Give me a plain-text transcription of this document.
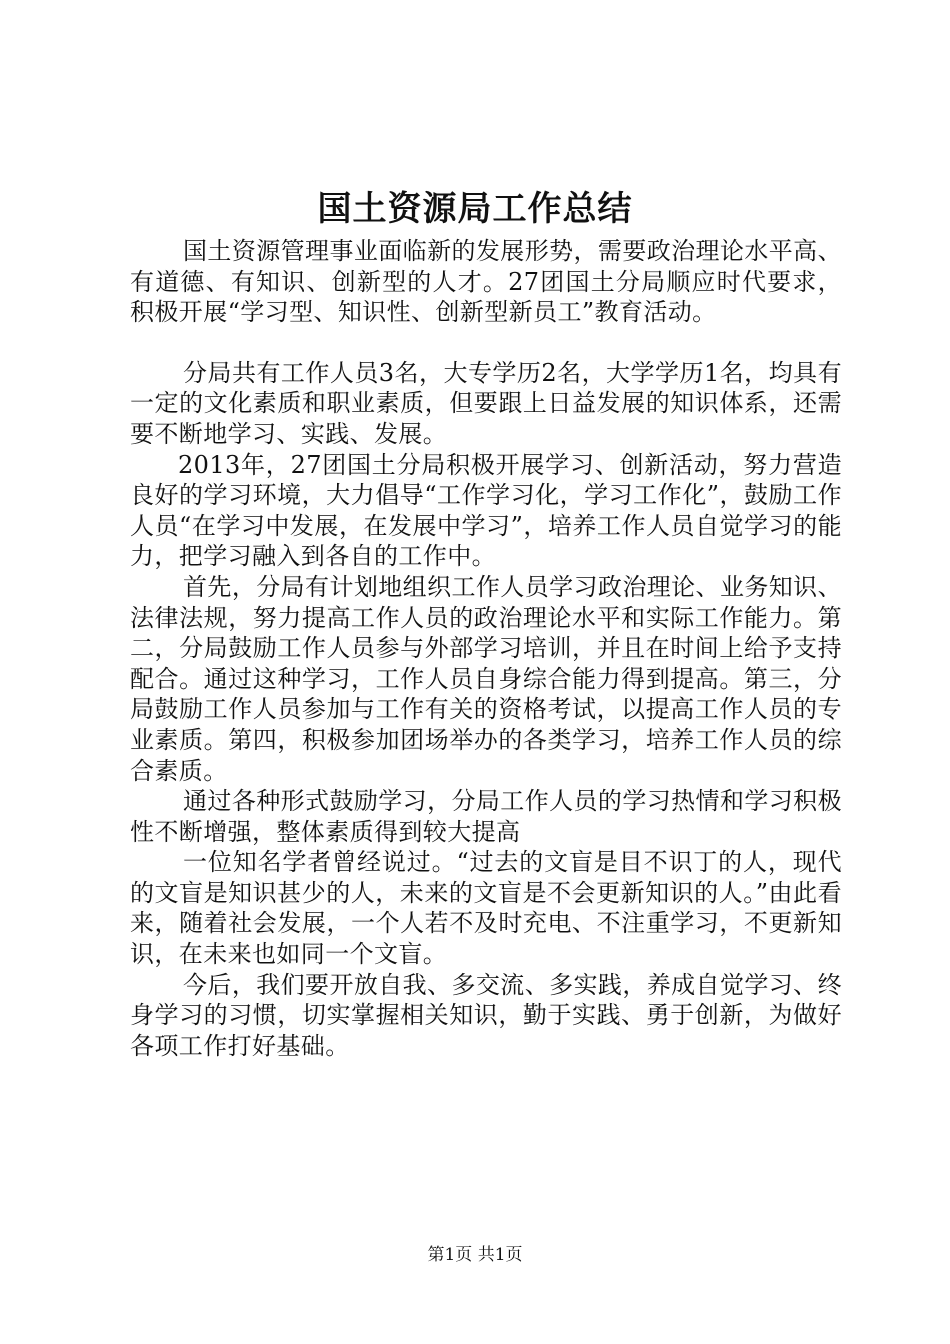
国土资源局工作总结

国土资源管理事业面临新的发展形势，需要政治理论水平高、有道德、有知识、创新型的人才。27团国土分局顺应时代要求，积极开展“学习型、知识性、创新型新员工”教育活动。

分局共有工作人员3名，大专学历2名，大学学历1名，均具有一定的文化素质和职业素质，但要跟上日益发展的知识体系，还需要不断地学习、实践、发展。

2013年，27团国土分局积极开展学习、创新活动，努力营造良好的学习环境，大力倡导“工作学习化，学习工作化”，鼓励工作人员“在学习中发展，在发展中学习”，培养工作人员自觉学习的能力，把学习融入到各自的工作中。

首先，分局有计划地组织工作人员学习政治理论、业务知识、法律法规，努力提高工作人员的政治理论水平和实际工作能力。第二，分局鼓励工作人员参与外部学习培训，并且在时间上给予支持配合。通过这种学习，工作人员自身综合能力得到提高。第三，分局鼓励工作人员参加与工作有关的资格考试，以提高工作人员的专业素质。第四，积极参加团场举办的各类学习，培养工作人员的综合素质。

通过各种形式鼓励学习，分局工作人员的学习热情和学习积极性不断增强，整体素质得到较大提高

一位知名学者曾经说过。“过去的文盲是目不识丁的人，现代的文盲是知识甚少的人，未来的文盲是不会更新知识的人。”由此看来，随着社会发展，一个人若不及时充电、不注重学习，不更新知识，在未来也如同一个文盲。

今后，我们要开放自我、多交流、多实践，养成自觉学习、终身学习的习惯，切实掌握相关知识，勤于实践、勇于创新，为做好各项工作打好基础。

第1页 共1页
